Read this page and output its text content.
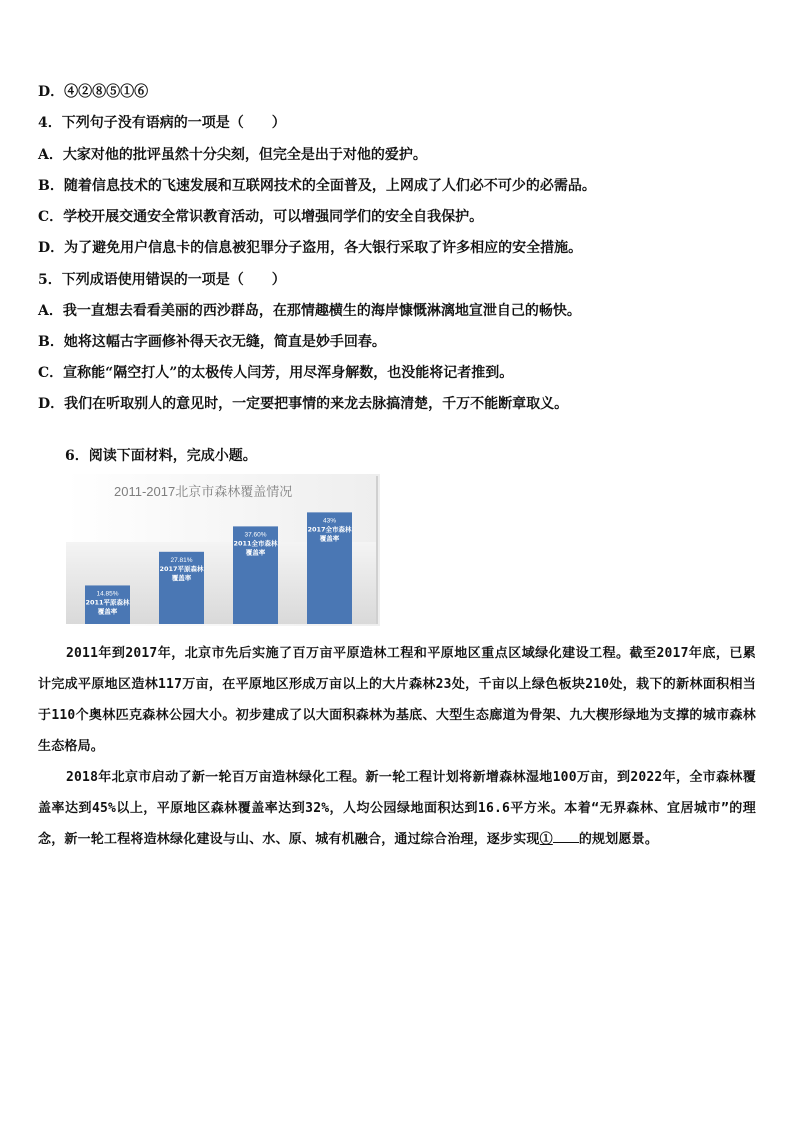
D．④②⑧⑤①⑥
4．下列句子没有语病的一项是（　　）
A．大家对他的批评虽然十分尖刻，但完全是出于对他的爱护。
B．随着信息技术的飞速发展和互联网技术的全面普及，上网成了人们必不可少的必需品。
C．学校开展交通安全常识教育活动，可以增强同学们的安全自我保护。
D．为了避免用户信息卡的信息被犯罪分子盗用，各大银行采取了许多相应的安全措施。
5．下列成语使用错误的一项是（　　）
A．我一直想去看看美丽的西沙群岛，在那情趣横生的海岸慷慨淋漓地宣泄自己的畅快。
B．她将这幅古字画修补得天衣无缝，简直是妙手回春。
C．宣称能“隔空打人”的太极传人闫芳，用尽浑身解数，也没能将记者推到。
D．我们在听取别人的意见时，一定要把事情的来龙去脉搞清楚，千万不能断章取义。
6．阅读下面材料，完成小题。
2011-2017北京市森林覆盖情况
14.85%
2011平原森林
覆盖率
27.81%
2017平原森林
覆盖率
37.60%
2011全市森林
覆盖率
43%
2017全市森林
覆盖率

2011年到2017年，北京市先后实施了百万亩平原造林工程和平原地区重点区域绿化建设工程。截至2017年底，已累计完成平原地区造林117万亩，在平原地区形成万亩以上的大片森林23处，千亩以上绿色板块210处，栽下的新林面积相当于110个奥林匹克森林公园大小。初步建成了以大面积森林为基底、大型生态廊道为骨架、九大楔形绿地为支撑的城市森林生态格局。

2018年北京市启动了新一轮百万亩造林绿化工程。新一轮工程计划将新增森林湿地100万亩，到2022年，全市森林覆盖率达到45%以上，平原地区森林覆盖率达到32%，人均公园绿地面积达到16.6平方米。本着“无界森林、宜居城市”的理念，新一轮工程将造林绿化建设与山、水、原、城有机融合，通过综合治理，逐步实现① 的规划愿景。
